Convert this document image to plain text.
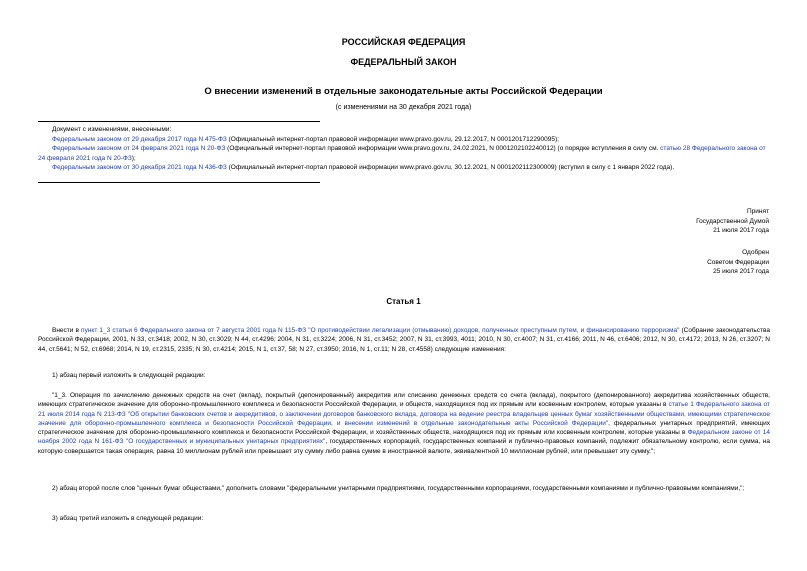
РОССИЙСКАЯ ФЕДЕРАЦИЯ
ФЕДЕРАЛЬНЫЙ ЗАКОН
О внесении изменений в отдельные законодательные акты Российской Федерации
(с изменениями на 30 декабря 2021 года)
Документ с изменениями, внесенными:
Федеральным законом от 29 декабря 2017 года N 475-ФЗ (Официальный интернет-портал правовой информации www.pravo.gov.ru, 29.12.2017, N 0001201712290095);
Федеральным законом от 24 февраля 2021 года N 20-ФЗ (Официальный интернет-портал правовой информации www.pravo.gov.ru, 24.02.2021, N 0001202102240012) (о порядке вступления в силу см. статью 28 Федерального закона от 24 февраля 2021 года N 20-ФЗ);
Федеральным законом от 30 декабря 2021 года N 436-ФЗ (Официальный интернет-портал правовой информации www.pravo.gov.ru, 30.12.2021, N 0001202112300009) (вступил в силу с 1 января 2022 года).
Принят
Государственной Думой
21 июля 2017 года
Одобрен
Советом Федерации
25 июля 2017 года
Статья 1
Внести в пункт 1_3 статьи 6 Федерального закона от 7 августа 2001 года N 115-ФЗ "О противодействии легализации (отмыванию) доходов, полученных преступным путем, и финансированию терроризма" (Собрание законодательства Российской Федерации, 2001, N 33, ст.3418; 2002, N 30, ст.3029; N 44, ст.4296; 2004, N 31, ст.3224; 2006, N 31, ст.3452; 2007, N 31, ст.3993, 4011; 2010, N 30, ст.4007; N 31, ст.4166; 2011, N 46, ст.6406; 2012, N 30, ст.4172; 2013, N 26, ст.3207; N 44, ст.5641; N 52, ст.6968; 2014, N 19, ст.2315, 2335; N 30, ст.4214; 2015, N 1, ст.37, 58; N 27, ст.3950; 2016, N 1, ст.11; N 28, ст.4558) следующие изменения:
1) абзац первый изложить в следующей редакции:
"1_3. Операция по зачислению денежных средств на счет (вклад), покрытый (депонированный) аккредитив или списанию денежных средств со счета (вклада), покрытого (депонированного) аккредитива хозяйственных обществ, имеющих стратегическое значение для оборонно-промышленного комплекса и безопасности Российской Федерации, и обществ, находящихся под их прямым или косвенным контролем, которые указаны в статье 1 Федерального закона от 21 июля 2014 года N 213-ФЗ "Об открытии банковских счетов и аккредитивов, о заключении договоров банковского вклада, договора на ведение реестра владельцев ценных бумаг хозяйственными обществами, имеющими стратегическое значение для оборонно-промышленного комплекса и безопасности Российской Федерации, и внесении изменений в отдельные законодательные акты Российской Федерации", федеральных унитарных предприятий, имеющих стратегическое значение для оборонно-промышленного комплекса и безопасности Российской Федерации, и хозяйственных обществ, находящихся под их прямым или косвенным контролем, которые указаны в Федеральном законе от 14 ноября 2002 года N 161-ФЗ "О государственных и муниципальных унитарных предприятиях", государственных корпораций, государственных компаний и публично-правовых компаний, подлежит обязательному контролю, если сумма, на которую совершается такая операция, равна 10 миллионам рублей или превышает эту сумму либо равна сумме в иностранной валюте, эквивалентной 10 миллионам рублей, или превышает эту сумму.";
2) абзац второй после слов "ценных бумаг обществами," дополнить словами "федеральными унитарными предприятиями, государственными корпорациями, государственными компаниями и публично-правовыми компаниями,";
3) абзац третий изложить в следующей редакции:
